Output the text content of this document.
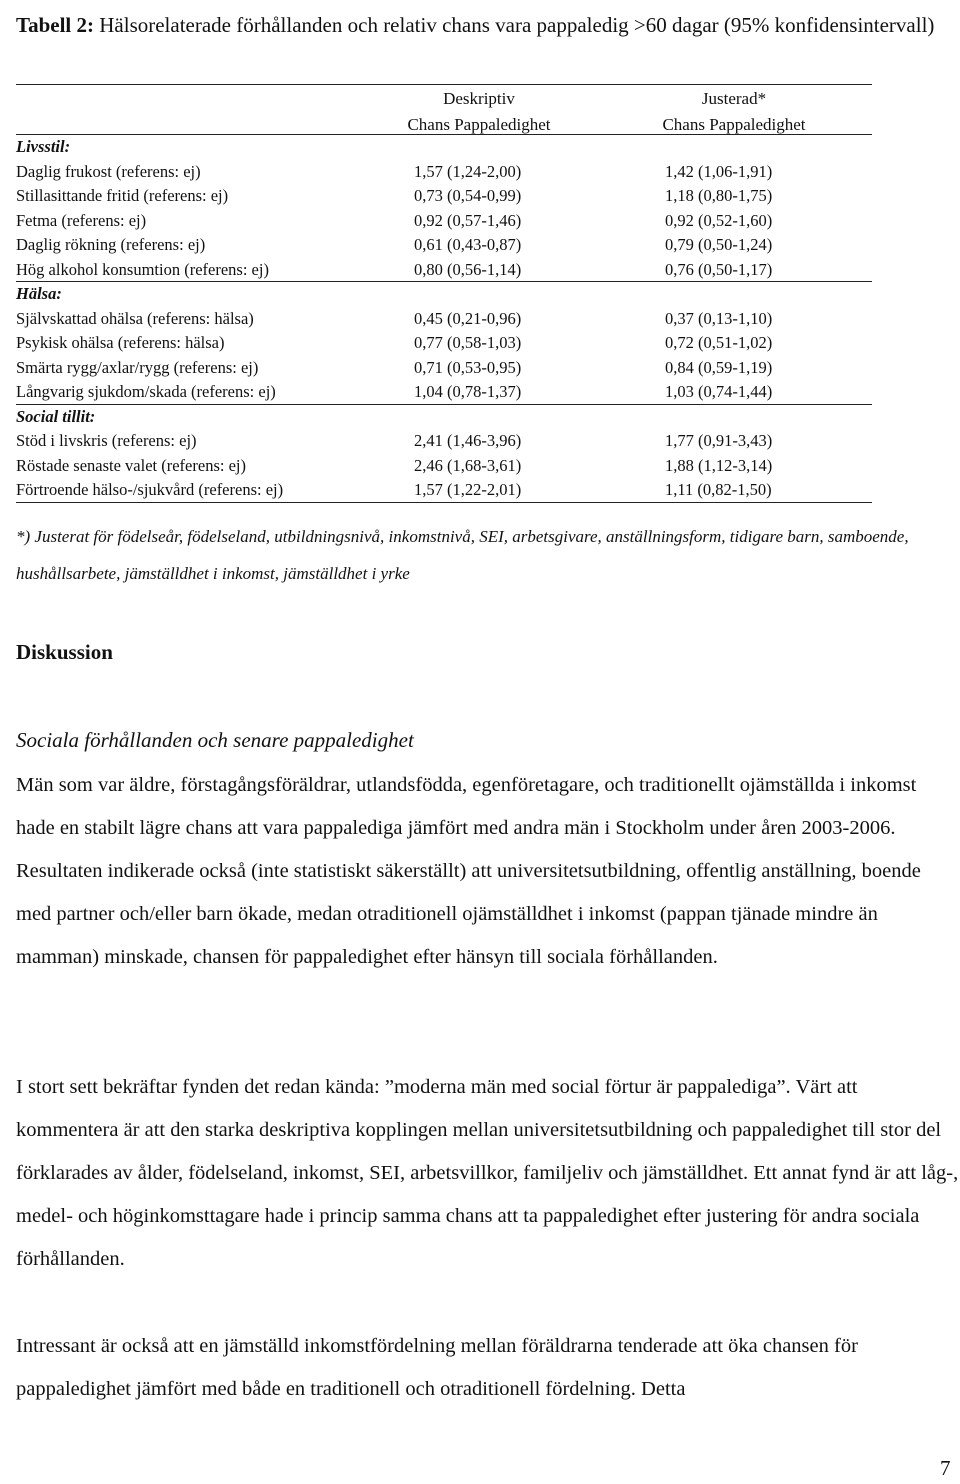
Tabell 2: Hälsorelaterade förhållanden och relativ chans vara pappaledig >60 dagar (95% konfidensintervall)
Deskriptiv
Chans Pappaledighet
Justerad*
Chans Pappaledighet
Livsstil:
Daglig frukost (referens: ej)	1,57 (1,24-2,00)	1,42 (1,06-1,91)
Stillasittande fritid (referens: ej)	0,73 (0,54-0,99)	1,18 (0,80-1,75)
Fetma (referens: ej)	0,92 (0,57-1,46)	0,92 (0,52-1,60)
Daglig rökning (referens: ej)	0,61 (0,43-0,87)	0,79 (0,50-1,24)
Hög alkohol konsumtion (referens: ej)	0,80 (0,56-1,14)	0,76 (0,50-1,17)
Hälsa:
Självskattad ohälsa (referens: hälsa)	0,45 (0,21-0,96)	0,37 (0,13-1,10)
Psykisk ohälsa (referens: hälsa)	0,77 (0,58-1,03)	0,72 (0,51-1,02)
Smärta rygg/axlar/rygg (referens: ej)	0,71 (0,53-0,95)	0,84 (0,59-1,19)
Långvarig sjukdom/skada (referens: ej)	1,04 (0,78-1,37)	1,03 (0,74-1,44)
Social tillit:
Stöd i livskris (referens: ej)	2,41 (1,46-3,96)	1,77 (0,91-3,43)
Röstade senaste valet (referens: ej)	2,46 (1,68-3,61)	1,88 (1,12-3,14)
Förtroende hälso-/sjukvård (referens: ej)	1,57 (1,22-2,01)	1,11 (0,82-1,50)
*) Justerat för födelseår, födelseland, utbildningsnivå, inkomstnivå, SEI, arbetsgivare, anställningsform, tidigare barn, samboende, hushållsarbete, jämställdhet i inkomst, jämställdhet i yrke
Diskussion
Sociala förhållanden och senare pappaledighet
Män som var äldre, förstagångsföräldrar, utlandsfödda, egenföretagare, och traditionellt ojämställda i inkomst hade en stabilt lägre chans att vara pappalediga jämfört med andra män i Stockholm under åren 2003-2006. Resultaten indikerade också (inte statistiskt säkerställt) att universitetsutbildning, offentlig anställning, boende med partner och/eller barn ökade, medan otraditionell ojämställdhet i inkomst (pappan tjänade mindre än mamman) minskade, chansen för pappaledighet efter hänsyn till sociala förhållanden.
I stort sett bekräftar fynden det redan kända: ”moderna män med social förtur är pappalediga”. Värt att kommentera är att den starka deskriptiva kopplingen mellan universitetsutbildning och pappaledighet till stor del förklarades av ålder, födelseland, inkomst, SEI, arbetsvillkor, familjeliv och jämställdhet. Ett annat fynd är att låg-, medel- och höginkomsttagare hade i princip samma chans att ta pappaledighet efter justering för andra sociala förhållanden.
Intressant är också att en jämställd inkomstfördelning mellan föräldrarna tenderade att öka chansen för pappaledighet jämfört med både en traditionell och otraditionell fördelning. Detta
7
